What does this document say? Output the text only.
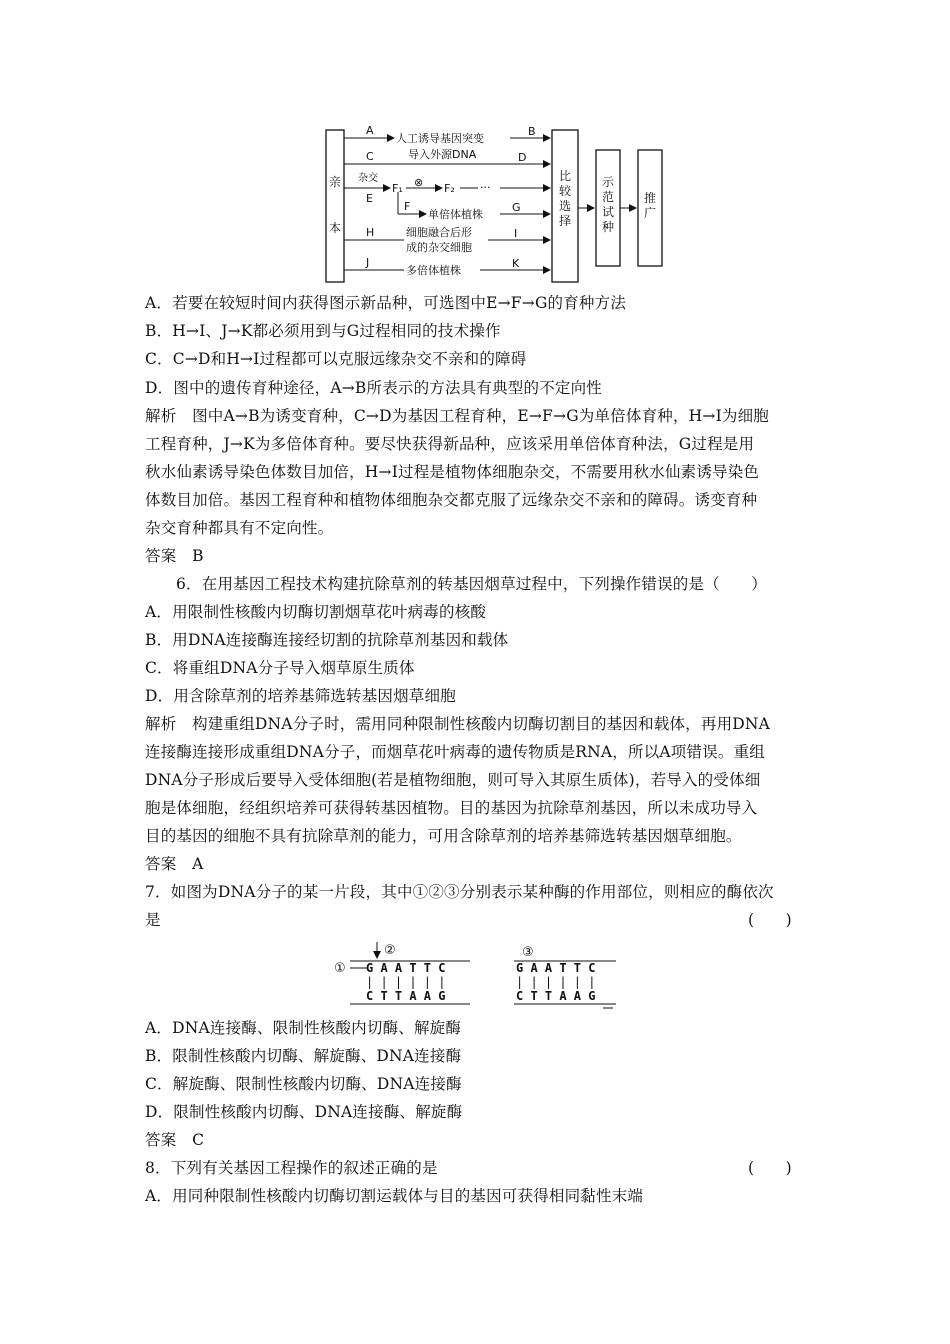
亲
本
A
人工诱导基因突变
B
C	导入外源DNA	D
杂交
E
F₁ ⊗ F₂ ···
F
单倍体植株
G
H	细胞融合后形
成的杂交细胞
I
J
多倍体植株
K
比较选择
示范试种
推广
A．若要在较短时间内获得图示新品种，可选图中E→F→G的育种方法
B．H→I、J→K都必须用到与G过程相同的技术操作
C．C→D和H→I过程都可以克服远缘杂交不亲和的障碍
D．图中的遗传育种途径，A→B所表示的方法具有典型的不定向性
解析　图中A→B为诱变育种，C→D为基因工程育种，E→F→G为单倍体育种，H→I为细胞
工程育种，J→K为多倍体育种。要尽快获得新品种，应该采用单倍体育种法，G过程是用
秋水仙素诱导染色体数目加倍，H→I过程是植物体细胞杂交，不需要用秋水仙素诱导染色
体数目加倍。基因工程育种和植物体细胞杂交都克服了远缘杂交不亲和的障碍。诱变育种
杂交育种都具有不定向性。
答案　B
6．在用基因工程技术构建抗除草剂的转基因烟草过程中，下列操作错误的是（　　）
A．用限制性核酸内切酶切割烟草花叶病毒的核酸
B．用DNA连接酶连接经切割的抗除草剂基因和载体
C．将重组DNA分子导入烟草原生质体
D．用含除草剂的培养基筛选转基因烟草细胞
解析　构建重组DNA分子时，需用同种限制性核酸内切酶切割目的基因和载体，再用DNA
连接酶连接形成重组DNA分子，而烟草花叶病毒的遗传物质是RNA，所以A项错误。重组
DNA分子形成后要导入受体细胞(若是植物细胞，则可导入其原生质体)，若导入的受体细
胞是体细胞，经组织培养可获得转基因植物。目的基因为抗除草剂基因，所以未成功导入
目的基因的细胞不具有抗除草剂的能力，可用含除草剂的培养基筛选转基因烟草细胞。
答案　A
7．如图为DNA分子的某一片段，其中①②③分别表示某种酶的作用部位，则相应的酶依次
是	(　　)
②
① G A A T T C
| | | | | |
C T T A A G
③
G A A T T C
| | | | | |
C T T A A G
A．DNA连接酶、限制性核酸内切酶、解旋酶
B．限制性核酸内切酶、解旋酶、DNA连接酶
C．解旋酶、限制性核酸内切酶、DNA连接酶
D．限制性核酸内切酶、DNA连接酶、解旋酶
答案　C
8．下列有关基因工程操作的叙述正确的是	(　　)
A．用同种限制性核酸内切酶切割运载体与目的基因可获得相同黏性末端
